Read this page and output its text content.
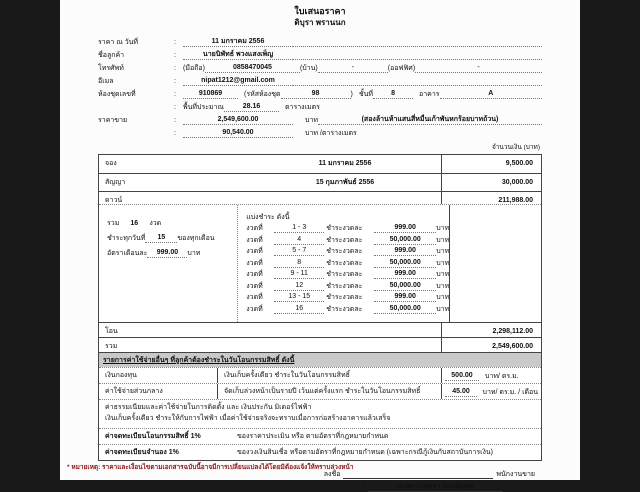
ใบเสนอราคา
ดิบุรา พรานนก
ราคา ณ วันที่	:	11 มกราคม 2556
ชื่อลูกค้า	:	นายนิพัทธ์ พวงแสงเพ็ญ
โทรศัพท์	:	(มือถือ)	0858470045	(บ้าน)	-	(ออฟฟิศ)	-
อีเมล	:	nipat1212@gmail.com
ห้องชุดเลขที่	:	910869	(รหัสห้องชุด	98	) ชั้นที่	8	อาคาร	A
:	พื้นที่ประมาณ	28.16	ตารางเมตร
ราคาขาย	:	2,549,600.00	บาท	(สองล้านห้าแสนสี่หมื่นเก้าพันหกร้อยบาทถ้วน)
:	90,540.00	บาท /ตารางเมตร
จำนวนเงิน (บาท)
จอง	11 มกราคม 2556	9,500.00
สัญญา	15 กุมภาพันธ์ 2556	30,000.00
ดาวน์	211,988.00
รวม	16	งวด
ชำระทุกวันที่	15	ของทุกเดือน
อัตราเดือนละ	999.00	บาท
แบ่งชำระ ดังนี้
งวดที่	1 - 3	ชำระงวดละ	999.00	บาท
งวดที่	4	ชำระงวดละ	50,000.00	บาท
งวดที่	5 - 7	ชำระงวดละ	999.00	บาท
งวดที่	8	ชำระงวดละ	50,000.00	บาท
งวดที่	9 - 11	ชำระงวดละ	999.00	บาท
งวดที่	12	ชำระงวดละ	50,000.00	บาท
งวดที่	13 - 15	ชำระงวดละ	999.00	บาท
งวดที่	16	ชำระงวดละ	50,000.00	บาท
โอน	2,298,112.00
รวม	2,549,600.00
รายการค่าใช้จ่ายอื่นๆ ที่ลูกค้าต้องชำระในวันโอนกรรมสิทธิ์ ดังนี้
เงินกองทุน	เงินเก็บครั้งเดียว ชำระในวันโอนกรรมสิทธิ์	500.00	บาท/ ตร.ม.
ค่าใช้จ่ายส่วนกลาง	จัดเก็บล่วงหน้าเป็นรายปี เว้นแต่ครั้งแรก ชำระในวันโอนกรรมสิทธิ์	45.00	บาท/ ตร.ม. / เดือน
ค่าธรรมเนียมและค่าใช้จ่ายในการติดตั้ง และ เงินประกัน มิเตอร์ไฟฟ้า
เงินเก็บครั้งเดียว ชำระให้กับการไฟฟ้า เมื่อค่าใช้จ่ายจริงจะทราบเมื่อการก่อสร้างอาคารแล้วเสร็จ
ค่าจดทะเบียนโอนกรรมสิทธิ์ 1%	ของราคาประเมิน หรือ ตามอัตราที่กฎหมายกำหนด
ค่าจดทะเบียนจำนอง 1%	ของวงเงินสินเชื่อ หรือตามอัตราที่กฎหมายกำหนด (เฉพาะกรณีกู้เงินกับสถาบันการเงิน)
ลงชื่อ	พนักงานขาย
(	นางสาวเกษรา ป้อมทับทุม	)
* หมายเหตุ: ราคาและเงื่อนไขตามเอกสารฉบับนี้อาจมีการเปลี่ยนแปลงได้โดยมิต้องแจ้งให้ทราบล่วงหน้า
